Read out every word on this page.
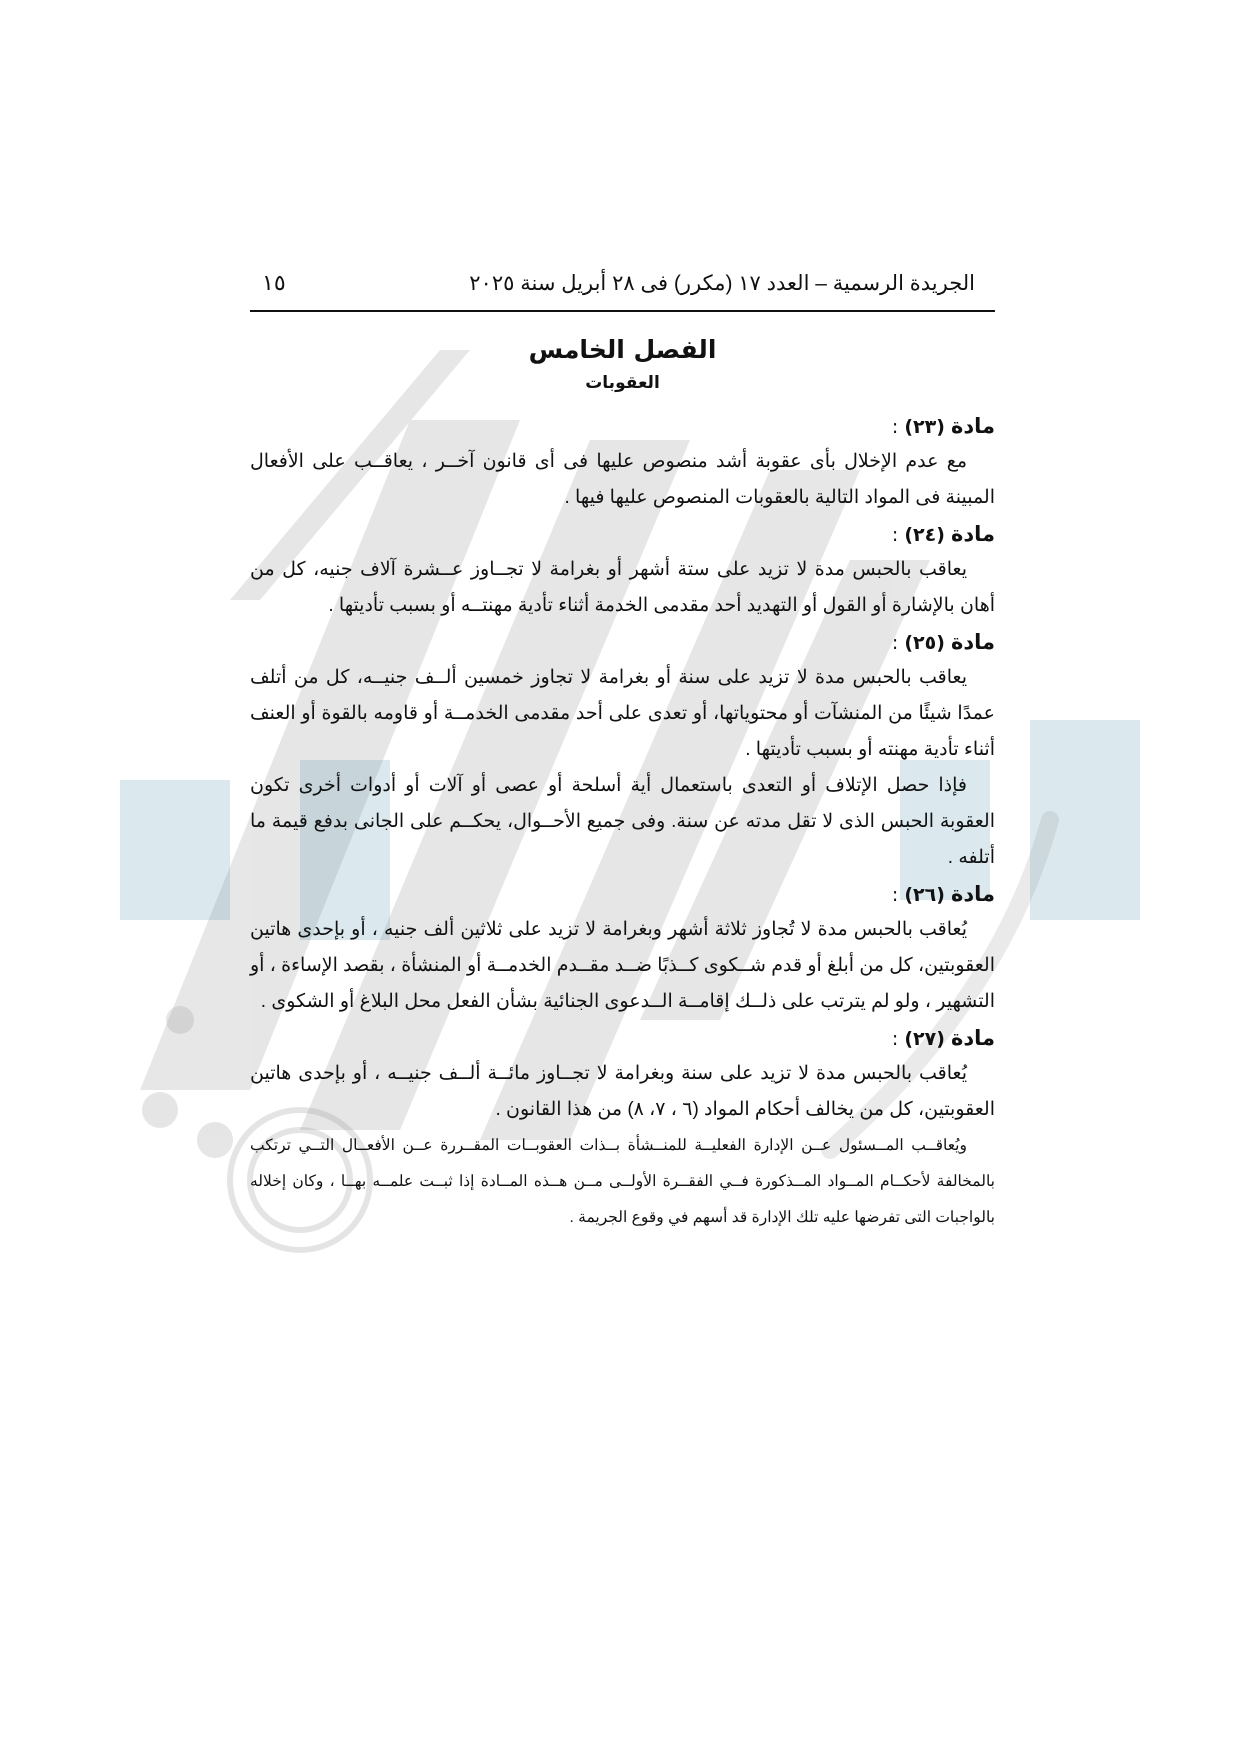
الجريدة الرسمية – العدد ١٧ (مكرر) فى ٢٨ أبريل سنة ٢٠٢٥
١٥
الفصل الخامس
العقوبات
مادة (٢٣) :

مع عدم الإخلال بأى عقوبة أشد منصوص عليها فى أى قانون آخــر ، يعاقــب على الأفعال المبينة فى المواد التالية بالعقوبات المنصوص عليها فيها .

مادة (٢٤) :

يعاقب بالحبس مدة لا تزيد على ستة أشهر أو بغرامة لا تجــاوز عــشرة آلاف جنيه، كل من أهان بالإشارة أو القول أو التهديد أحد مقدمى الخدمة أثناء تأدية مهنتــه أو بسبب تأديتها .

مادة (٢٥) :

يعاقب بالحبس مدة لا تزيد على سنة أو بغرامة لا تجاوز خمسين ألــف جنيــه، كل من أتلف عمدًا شيئًا من المنشآت أو محتوياتها، أو تعدى على أحد مقدمى الخدمــة أو قاومه بالقوة أو العنف أثناء تأدية مهنته أو بسبب تأديتها .

فإذا حصل الإتلاف أو التعدى باستعمال أية أسلحة أو عصى أو آلات أو أدوات أخرى تكون العقوبة الحبس الذى لا تقل مدته عن سنة. وفى جميع الأحــوال، يحكــم على الجانى بدفع قيمة ما أتلفه .

مادة (٢٦) :

يُعاقب بالحبس مدة لا تُجاوز ثلاثة أشهر وبغرامة لا تزيد على ثلاثين ألف جنيه ، أو بإحدى هاتين العقوبتين، كل من أبلغ أو قدم شــكوى كــذبًا ضــد مقــدم الخدمــة أو المنشأة ، بقصد الإساءة ، أو التشهير ، ولو لم يترتب على ذلــك إقامــة الــدعوى الجنائية بشأن الفعل محل البلاغ أو الشكوى .

مادة (٢٧) :

يُعاقب بالحبس مدة لا تزيد على سنة وبغرامة لا تجــاوز مائــة ألــف جنيــه ، أو بإحدى هاتين العقوبتين، كل من يخالف أحكام المواد (٦ ، ٧، ٨) من هذا القانون .

ويُعاقــب المــسئول عــن الإدارة الفعليــة للمنــشأة بــذات العقوبــات المقــررة عــن الأفعــال التــي ترتكب بالمخالفة لأحكــام المــواد المــذكورة فــي الفقــرة الأولــى مــن هــذه المــادة إذا ثبــت علمــه بهــا ، وكان إخلاله بالواجبات التى تفرضها عليه تلك الإدارة قد أسهم في وقوع الجريمة .
